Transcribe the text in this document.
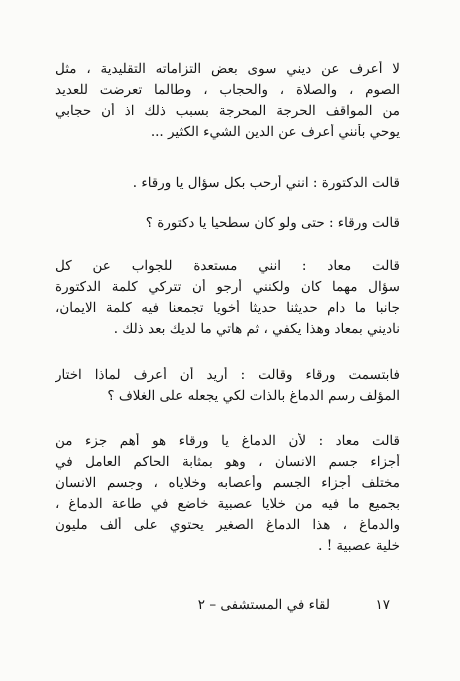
لا أعرف عن ديني سوى بعض التزاماته التقليدية ، مثل
الصوم ، والصلاة ، والحجاب ، وطالما تعرضت للعديد
من المواقف الحرجة المحرجة بسبب ذلك اذ أن حجابي
يوحي بأنني أعرف عن الدين الشيء الكثير ...
قالت الدكتورة : انني أرحب بكل سؤال يا ورقاء .
قالت ورقاء : حتى ولو كان سطحيا يا دكتورة ؟
قالت معاد : انني مستعدة للجواب عن كل
سؤال مهما كان ولكنني أرجو أن تتركي كلمة الدكتورة
جانبا ما دام حديثنا حديثا أخويا تجمعنا فيه كلمة الايمان،
ناديني بمعاد وهذا يكفي ، ثم هاتي ما لديك بعد ذلك .
فابتسمت ورقاء وقالت : أريد أن أعرف لماذا اختار
المؤلف رسم الدماغ بالذات لكي يجعله على الغلاف ؟
قالت معاد : لأن الدماغ يا ورقاء هو أهم جزء من
أجزاء جسم الانسان ، وهو بمثابة الحاكم العامل في
مختلف أجزاء الجسم وأعصابه وخلاياه ، وجسم الانسان
بجميع ما فيه من خلايا عصبية خاضع في طاعة الدماغ ،
والدماغ ، هذا الدماغ الصغير يحتوي على ألف مليون
خلية عصبية ! .
١٧
لقاء في المستشفى – ٢
